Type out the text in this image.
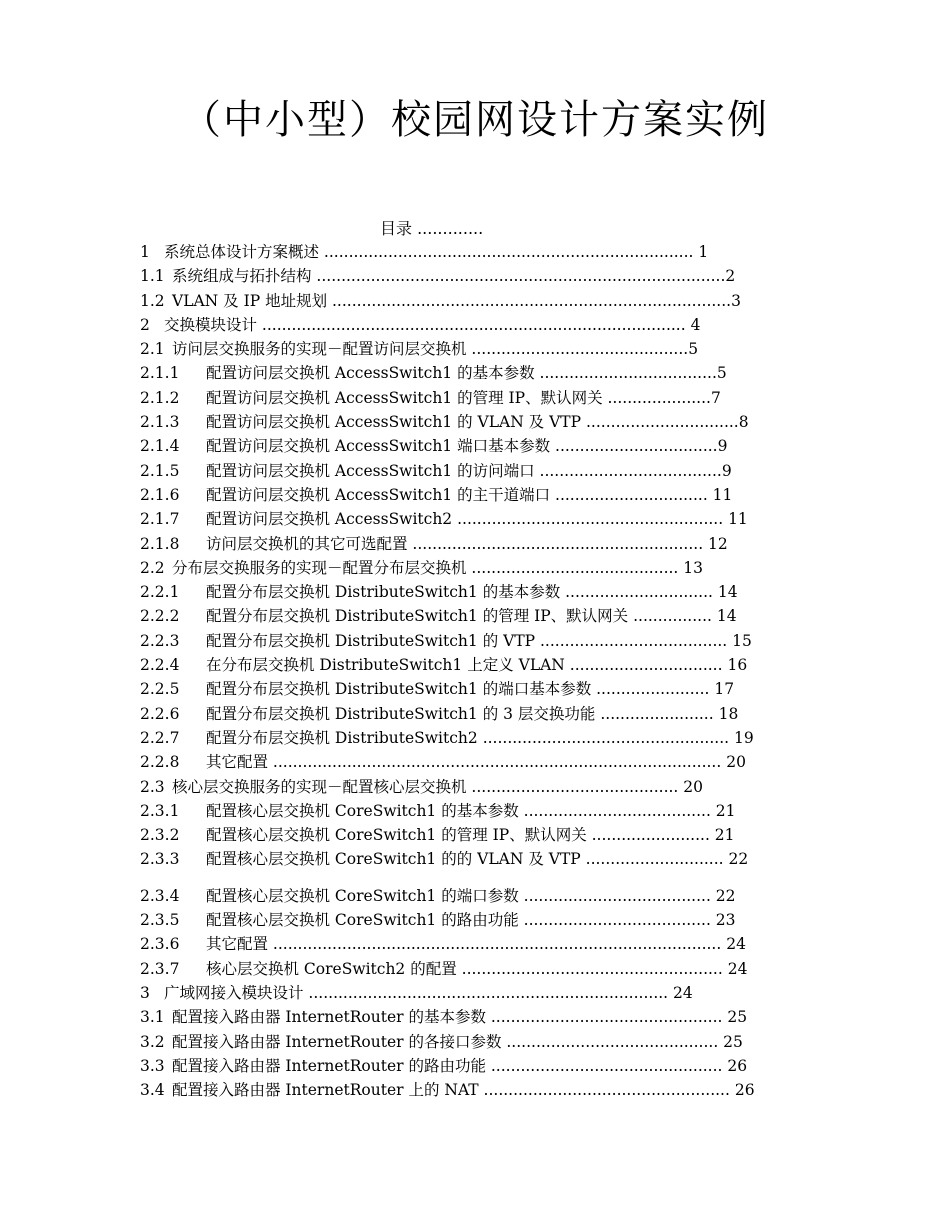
（中小型）校园网设计方案实例
目录 .............
1 系统总体设计方案概述 ........................................................................... 1
1.1 系统组成与拓扑结构 ...................................................................................2
1.2 VLAN 及 IP 地址规划 .................................................................................3
2 交换模块设计 ...................................................................................... 4
2.1 访问层交换服务的实现－配置访问层交换机 ............................................5
2.1.1 配置访问层交换机 AccessSwitch1 的基本参数 ....................................5
2.1.2 配置访问层交换机 AccessSwitch1 的管理 IP、默认网关 .....................7
2.1.3 配置访问层交换机 AccessSwitch1 的 VLAN 及 VTP ...............................8
2.1.4 配置访问层交换机 AccessSwitch1 端口基本参数 .................................9
2.1.5 配置访问层交换机 AccessSwitch1 的访问端口 .....................................9
2.1.6 配置访问层交换机 AccessSwitch1 的主干道端口 ............................... 11
2.1.7 配置访问层交换机 AccessSwitch2 ...................................................... 11
2.1.8 访问层交换机的其它可选配置 ........................................................... 12
2.2 分布层交换服务的实现－配置分布层交换机 .......................................... 13
2.2.1 配置分布层交换机 DistributeSwitch1 的基本参数 .............................. 14
2.2.2 配置分布层交换机 DistributeSwitch1 的管理 IP、默认网关 ................ 14
2.2.3 配置分布层交换机 DistributeSwitch1 的 VTP ...................................... 15
2.2.4 在分布层交换机 DistributeSwitch1 上定义 VLAN ............................... 16
2.2.5 配置分布层交换机 DistributeSwitch1 的端口基本参数 ....................... 17
2.2.6 配置分布层交换机 DistributeSwitch1 的 3 层交换功能 ....................... 18
2.2.7 配置分布层交换机 DistributeSwitch2 .................................................. 19
2.2.8 其它配置 ........................................................................................... 20
2.3 核心层交换服务的实现－配置核心层交换机 .......................................... 20
2.3.1 配置核心层交换机 CoreSwitch1 的基本参数 ...................................... 21
2.3.2 配置核心层交换机 CoreSwitch1 的管理 IP、默认网关 ........................ 21
2.3.3 配置核心层交换机 CoreSwitch1 的的 VLAN 及 VTP ............................ 22
2.3.4 配置核心层交换机 CoreSwitch1 的端口参数 ...................................... 22
2.3.5 配置核心层交换机 CoreSwitch1 的路由功能 ...................................... 23
2.3.6 其它配置 ........................................................................................... 24
2.3.7 核心层交换机 CoreSwitch2 的配置 ..................................................... 24
3 广域网接入模块设计 ......................................................................... 24
3.1 配置接入路由器 InternetRouter 的基本参数 ............................................... 25
3.2 配置接入路由器 InternetRouter 的各接口参数 ........................................... 25
3.3 配置接入路由器 InternetRouter 的路由功能 ............................................... 26
3.4 配置接入路由器 InternetRouter 上的 NAT .................................................. 26
